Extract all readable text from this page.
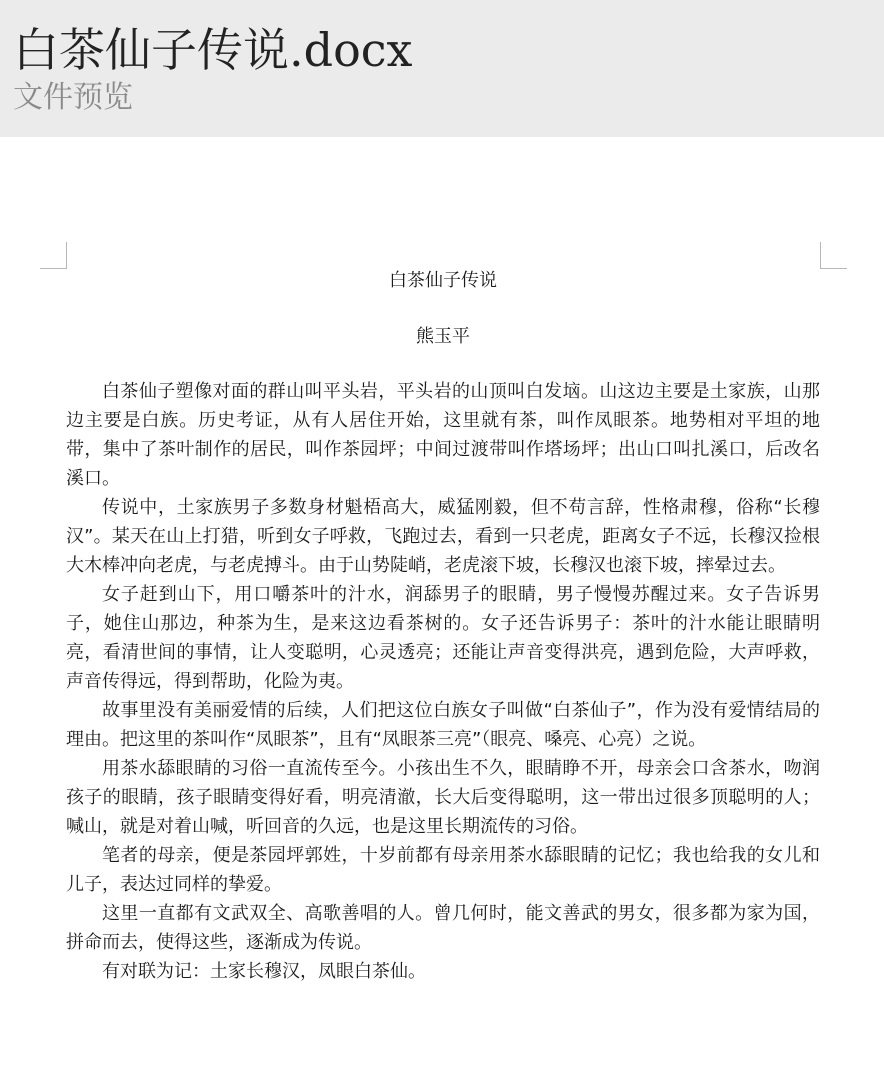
白茶仙子传说.docx
文件预览

白茶仙子传说

熊玉平

白茶仙子塑像对面的群山叫平头岩，平头岩的山顶叫白发垴。山这边主要是土家族，山那边主要是白族。历史考证，从有人居住开始，这里就有茶，叫作凤眼茶。地势相对平坦的地带，集中了茶叶制作的居民，叫作茶园坪；中间过渡带叫作塔场坪；出山口叫扎溪口，后改名溪口。

传说中，土家族男子多数身材魁梧高大，威猛刚毅，但不苟言辞，性格肃穆，俗称“长穆汉”。某天在山上打猎，听到女子呼救，飞跑过去，看到一只老虎，距离女子不远，长穆汉捡根大木棒冲向老虎，与老虎搏斗。由于山势陡峭，老虎滚下坡，长穆汉也滚下坡，摔晕过去。

女子赶到山下，用口嚼茶叶的汁水，润舔男子的眼睛，男子慢慢苏醒过来。女子告诉男子，她住山那边，种茶为生，是来这边看茶树的。女子还告诉男子：茶叶的汁水能让眼睛明亮，看清世间的事情，让人变聪明，心灵透亮；还能让声音变得洪亮，遇到危险，大声呼救，声音传得远，得到帮助，化险为夷。

故事里没有美丽爱情的后续，人们把这位白族女子叫做“白茶仙子”，作为没有爱情结局的理由。把这里的茶叫作“凤眼茶”，且有“凤眼茶三亮”（眼亮、嗓亮、心亮）之说。

用茶水舔眼睛的习俗一直流传至今。小孩出生不久，眼睛睁不开，母亲会口含茶水，吻润孩子的眼睛，孩子眼睛变得好看，明亮清澈，长大后变得聪明，这一带出过很多顶聪明的人；喊山，就是对着山喊，听回音的久远，也是这里长期流传的习俗。

笔者的母亲，便是茶园坪郭姓，十岁前都有母亲用茶水舔眼睛的记忆；我也给我的女儿和儿子，表达过同样的挚爱。

这里一直都有文武双全、高歌善唱的人。曾几何时，能文善武的男女，很多都为家为国，拼命而去，使得这些，逐渐成为传说。

有对联为记：土家长穆汉，凤眼白茶仙。
